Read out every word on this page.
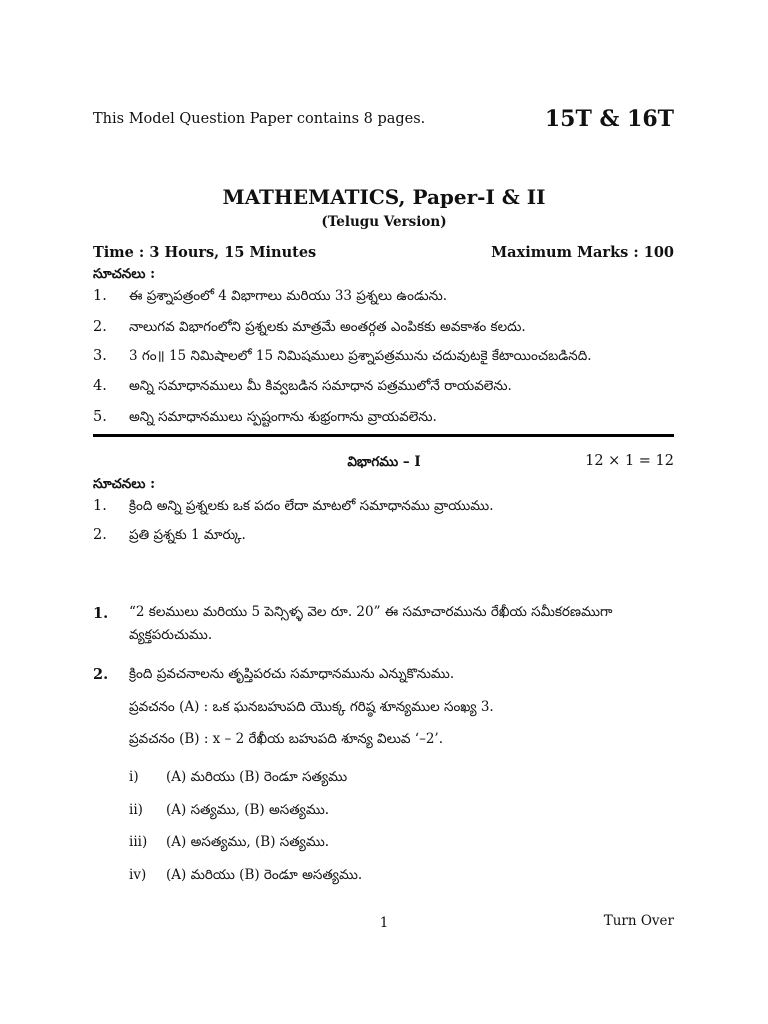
This Model Question Paper contains 8 pages.	15T & 16T
MATHEMATICS, Paper-I & II
(Telugu Version)
Time : 3 Hours, 15 Minutes	Maximum Marks : 100
సూచనలు :
1.	ఈ ప్రశ్నాపత్రంలో 4 విభాగాలు మరియు 33 ప్రశ్నలు ఉండును.
2.	నాలుగవ విభాగంలోని ప్రశ్నలకు మాత్రమే అంతర్గత ఎంపికకు అవకాశం కలదు.
3.	3 గం॥ 15 నిమిషాలలో 15 నిమిషములు ప్రశ్నాపత్రమును చదువుటకై కేటాయించబడినది.
4.	అన్ని సమాధానములు మీ కివ్వబడిన సమాధాన పత్రములోనే రాయవలెను.
5.	అన్ని సమాధానములు స్పష్టంగాను శుభ్రంగాను వ్రాయవలెను.
విభాగము – I	12 × 1 = 12
సూచనలు :
1.	క్రింది అన్ని ప్రశ్నలకు ఒక పదం లేదా మాటలో సమాధానము వ్రాయుము.
2.	ప్రతి ప్రశ్నకు 1 మార్కు.
1. “2 కలములు మరియు 5 పెన్సిళ్ళ వెల రూ. 20” ఈ సమాచారమును రేఖీయ సమీకరణముగా
వ్యక్తపరుచుము.
2. క్రింది ప్రవచనాలను తృప్తిపరచు సమాధానమును ఎన్నుకొనుము.
ప్రవచనం (A) : ఒక ఘనబహుపది యొక్క గరిష్ఠ శూన్యముల సంఖ్య 3.
ప్రవచనం (B) : x – 2 రేఖీయ బహుపది శూన్య విలువ ‘–2’.
i) (A) మరియు (B) రెండూ సత్యము
ii) (A) సత్యము, (B) అసత్యము.
iii) (A) అసత్యము, (B) సత్యము.
iv) (A) మరియు (B) రెండూ అసత్యము.
1	Turn Over
